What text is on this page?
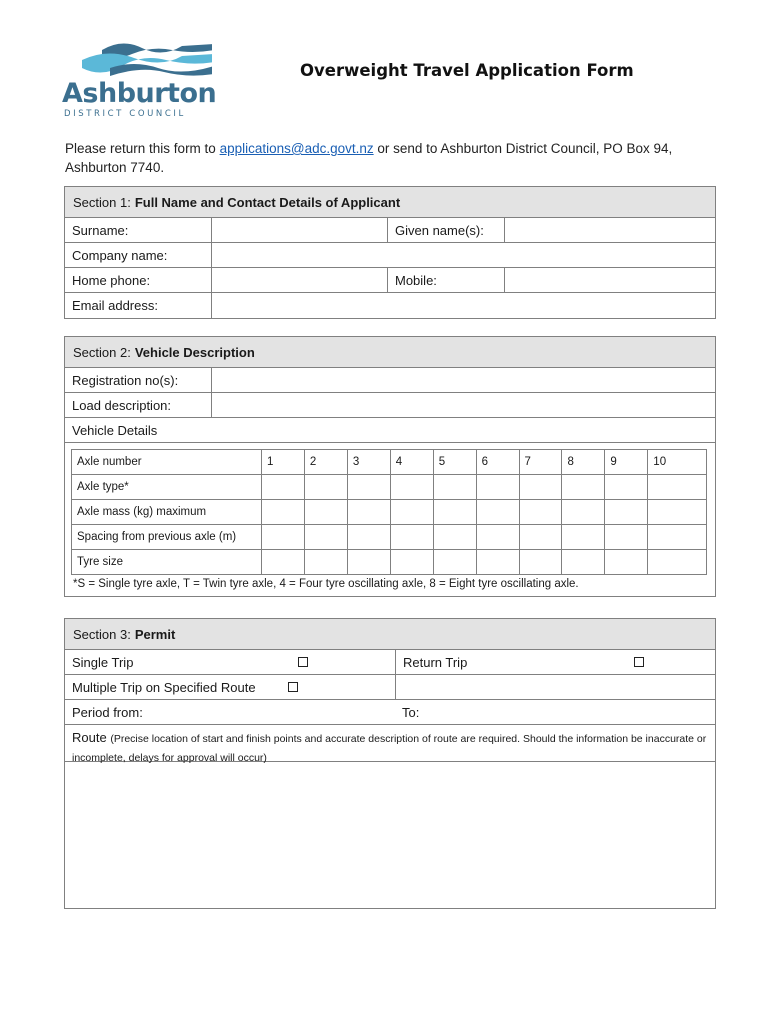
Ashburton
DISTRICT COUNCIL
Overweight Travel Application Form
Please return this form to applications@adc.govt.nz or send to Ashburton District Council, PO Box 94, Ashburton 7740.
Section 1: Full Name and Contact Details of Applicant
Surname:	Given name(s):
Company name:
Home phone:	Mobile:
Email address:
Section 2: Vehicle Description
Registration no(s):
Load description:
Vehicle Details
Axle number	1	2	3	4	5	6	7	8	9	10
Axle type*										
Axle mass (kg) maximum										
Spacing from previous axle (m)										
Tyre size										
*S = Single tyre axle, T = Twin tyre axle, 4 = Four tyre oscillating axle, 8 = Eight tyre oscillating axle.
Section 3: Permit
Single Trip	Return Trip
Multiple Trip on Specified Route
Period from:	To:
Route (Precise location of start and finish points and accurate description of route are required. Should the information be inaccurate or incomplete, delays for approval will occur)
